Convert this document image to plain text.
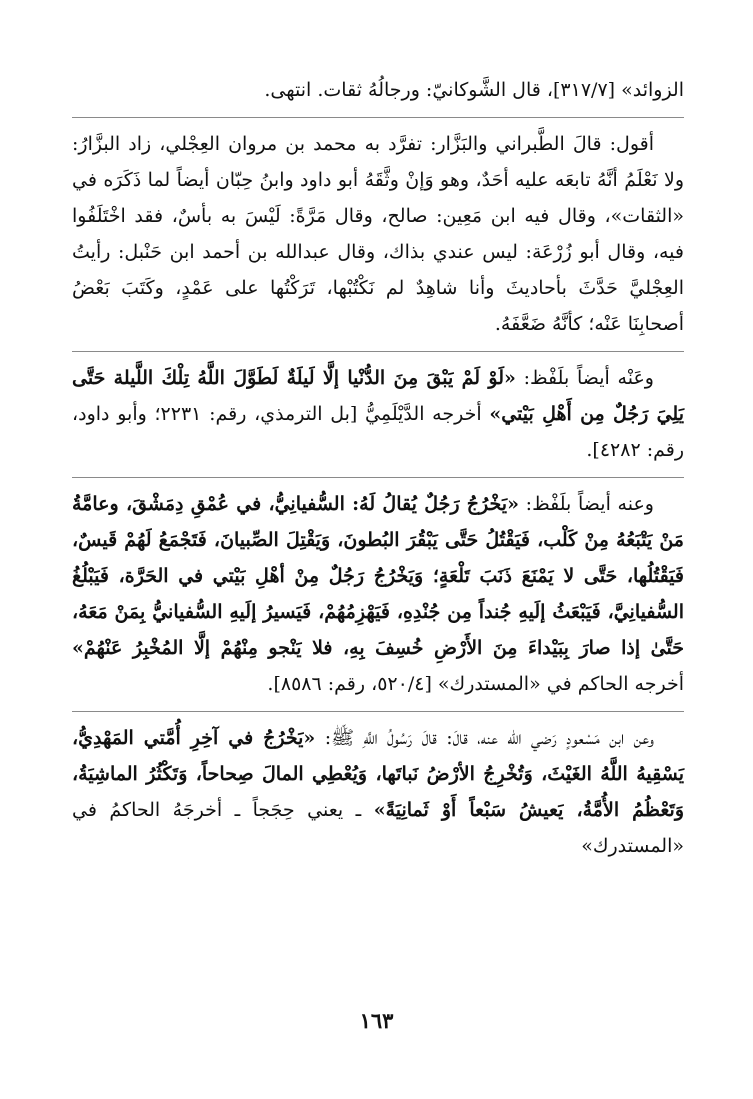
الزوائد» [٣١٧/٧]، قال الشَّوكانيّ: ورجالُهُ ثقات. انتهى.

أقول: قالَ الطَّبراني والبَزَّار: تفرَّد به محمد بن مروان العِجْلي، زاد البزَّارُ: ولا نَعْلَمُ أنَّهُ تابعَه عليه أحَدٌ، وهو وَإنْ وثَّقَهُ أبو داود وابنُ حِبّان أيضاً لما ذَكَرَه في «الثقات»، وقال فيه ابن مَعِين: صالح، وقال مَرَّةً: لَيْسَ به بأسٌ، فقد اخْتَلَفُوا فيه، وقال أبو زُرْعَة: ليس عندي بذاك، وقال عبدالله بن أحمد ابن حَنْبل: رأيتُ العِجْليَّ حَدَّثَ بأحاديثَ وأنا شاهِدٌ لم نَكْتُبْها، تَرَكْتُها على عَمْدٍ، وكَتَبَ بَعْضُ أصحابِنَا عَنْه؛ كأنَّهُ ضَعَّفَهُ.

وعَنْه أيضاً بلَفْظ: «لَوْ لَمْ يَبْقَ مِنَ الدُّنْيا إلَّا لَيلَةٌ لَطَوَّلَ اللَّهُ تِلْكَ اللَّيلة حَتَّى يَلِيَ رَجُلٌ مِن أَهْلِ بَيْتي» أخرجه الدَّيْلَمِيُّ [بل الترمذي، رقم: ٢٢٣١؛ وأبو داود، رقم: ٤٢٨٢].

وعنه أيضاً بلَفْظ: «يَخْرُجُ رَجُلٌ يُقالُ لَهُ: السُّفيانِيُّ، في عُمْقِ دِمَشْقَ، وعامَّةُ مَنْ يَتْبَعُهُ مِنْ كَلْب، فَيَقْتُلُ حَتَّى يَبْقُرَ البُطونَ، وَيَقْتِلَ الصِّبيانَ، فَتَجْمَعُ لَهُمْ قَيسٌ، فَيَقْتُلُها، حَتَّى لا يَمْنَعَ ذَنَبَ تَلْعَةٍ؛ وَيَخْرُجُ رَجُلٌ مِنْ أهْلِ بَيْتي في الحَرَّة، فَيَبْلُغُ السُّفيانِيَّ، فَيَبْعَثُ إلَيهِ جُنداً مِن جُنْدِهِ، فَيَهْزِمُهُمْ، فَيَسيرُ إلَيهِ السُّفيانيُّ بِمَنْ مَعَهُ، حَتَّىٰ إذا صارَ بِبَيْداءَ مِنَ الأَرْضِ خُسِفَ بِهِ، فلا يَنْجو مِنْهُمْ إلَّا المُخْبِرُ عَنْهُمْ» أخرجه الحاكم في «المستدرك» [٥٢٠/٤، رقم: ٨٥٨٦].

وعن ابن مَسْعودٍ رَضي الله عنه، قالَ: قالَ رَسُولُ اللَّهِ ﷺ: «يَخْرُجُ في آخِرِ أُمَّتي المَهْدِيُّ، يَسْقِيهُ اللَّهُ الغَيْثَ، وَتُخْرِجُ الأرْضُ نَباتَها، وَيُعْطِي المالَ صِحاحاً، وَتَكْثُرُ الماشِيَةُ، وَتَعْظُمُ الأُمَّةُ، يَعيشُ سَبْعاً أَوْ ثَمانِيَةً» ـ يعني حِجَجاً ـ أخرجَهُ الحاكمُ في «المستدرك»

١٦٣
